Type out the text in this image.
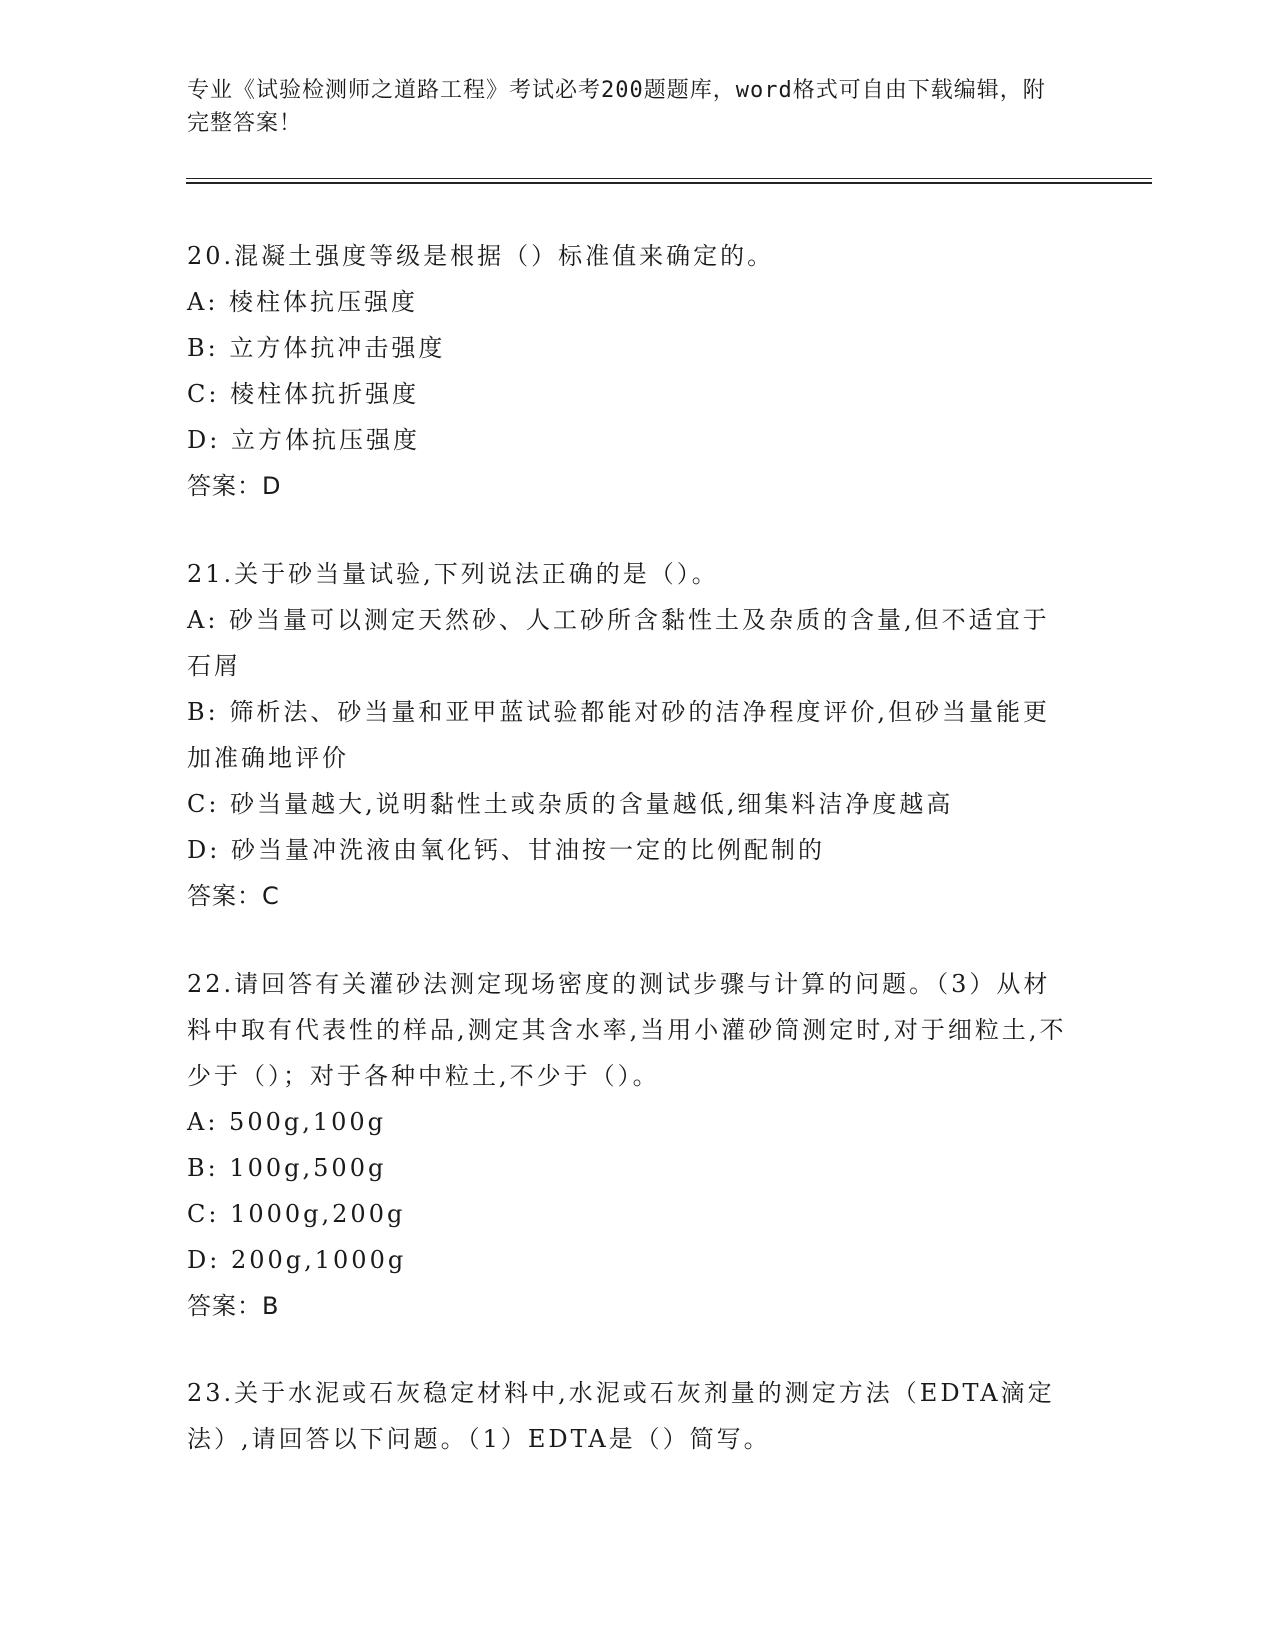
专业《试验检测师之道路工程》考试必考200题题库，word格式可自由下载编辑，附完整答案！
20.混凝土强度等级是根据（）标准值来确定的。
A: 棱柱体抗压强度
B: 立方体抗冲击强度
C: 棱柱体抗折强度
D: 立方体抗压强度
答案：D
21.关于砂当量试验,下列说法正确的是（）。
A: 砂当量可以测定天然砂、人工砂所含黏性土及杂质的含量,但不适宜于石屑
B: 筛析法、砂当量和亚甲蓝试验都能对砂的洁净程度评价,但砂当量能更加准确地评价
C: 砂当量越大,说明黏性土或杂质的含量越低,细集料洁净度越高
D: 砂当量冲洗液由氧化钙、甘油按一定的比例配制的
答案：C
22.请回答有关灌砂法测定现场密度的测试步骤与计算的问题。（3）从材料中取有代表性的样品,测定其含水率,当用小灌砂筒测定时,对于细粒土,不少于（）；对于各种中粒土,不少于（）。
A: 500g,100g
B: 100g,500g
C: 1000g,200g
D: 200g,1000g
答案：B
23.关于水泥或石灰稳定材料中,水泥或石灰剂量的测定方法（EDTA滴定法）,请回答以下问题。（1）EDTA是（）简写。
